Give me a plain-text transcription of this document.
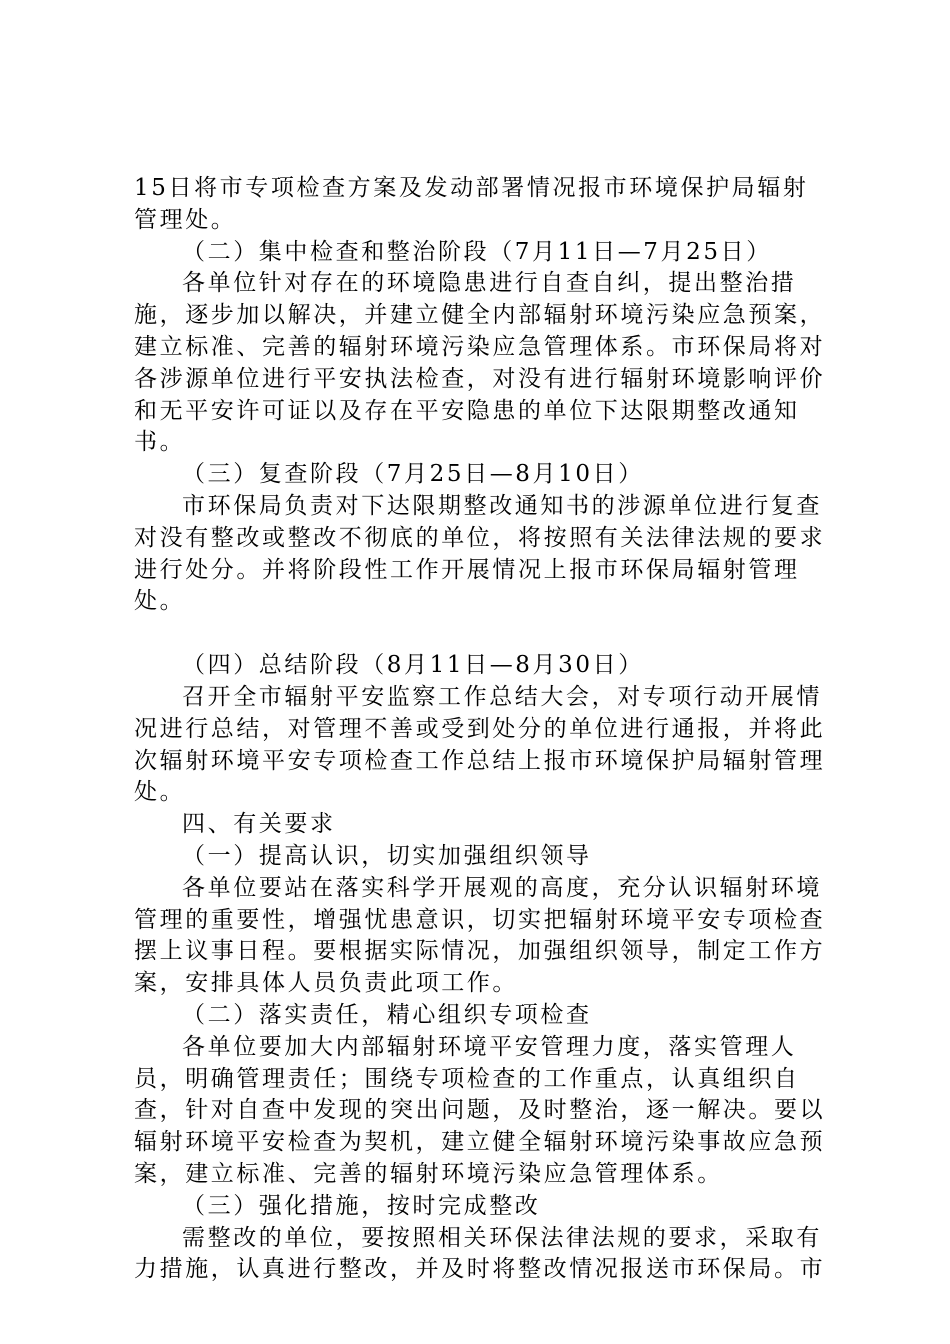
15日将市专项检查方案及发动部署情况报市环境保护局辐射管理处。

（二）集中检查和整治阶段（7月11日—7月25日）

各单位针对存在的环境隐患进行自查自纠，提出整治措施，逐步加以解决，并建立健全内部辐射环境污染应急预案，建立标准、完善的辐射环境污染应急管理体系。市环保局将对各涉源单位进行平安执法检查，对没有进行辐射环境影响评价和无平安许可证以及存在平安隐患的单位下达限期整改通知书。

（三）复查阶段（7月25日—8月10日）

市环保局负责对下达限期整改通知书的涉源单位进行复查对没有整改或整改不彻底的单位，将按照有关法律法规的要求进行处分。并将阶段性工作开展情况上报市环保局辐射管理处。

（四）总结阶段（8月11日—8月30日）

召开全市辐射平安监察工作总结大会，对专项行动开展情况进行总结，对管理不善或受到处分的单位进行通报，并将此次辐射环境平安专项检查工作总结上报市环境保护局辐射管理处。

四、有关要求

（一）提高认识，切实加强组织领导

各单位要站在落实科学开展观的高度，充分认识辐射环境管理的重要性，增强忧患意识，切实把辐射环境平安专项检查摆上议事日程。要根据实际情况，加强组织领导，制定工作方案，安排具体人员负责此项工作。

（二）落实责任，精心组织专项检查

各单位要加大内部辐射环境平安管理力度，落实管理人员，明确管理责任；围绕专项检查的工作重点，认真组织自查，针对自查中发现的突出问题，及时整治，逐一解决。要以辐射环境平安检查为契机，建立健全辐射环境污染事故应急预案，建立标准、完善的辐射环境污染应急管理体系。

（三）强化措施，按时完成整改

需整改的单位，要按照相关环保法律法规的要求，采取有力措施，认真进行整改，并及时将整改情况报送市环保局。市
